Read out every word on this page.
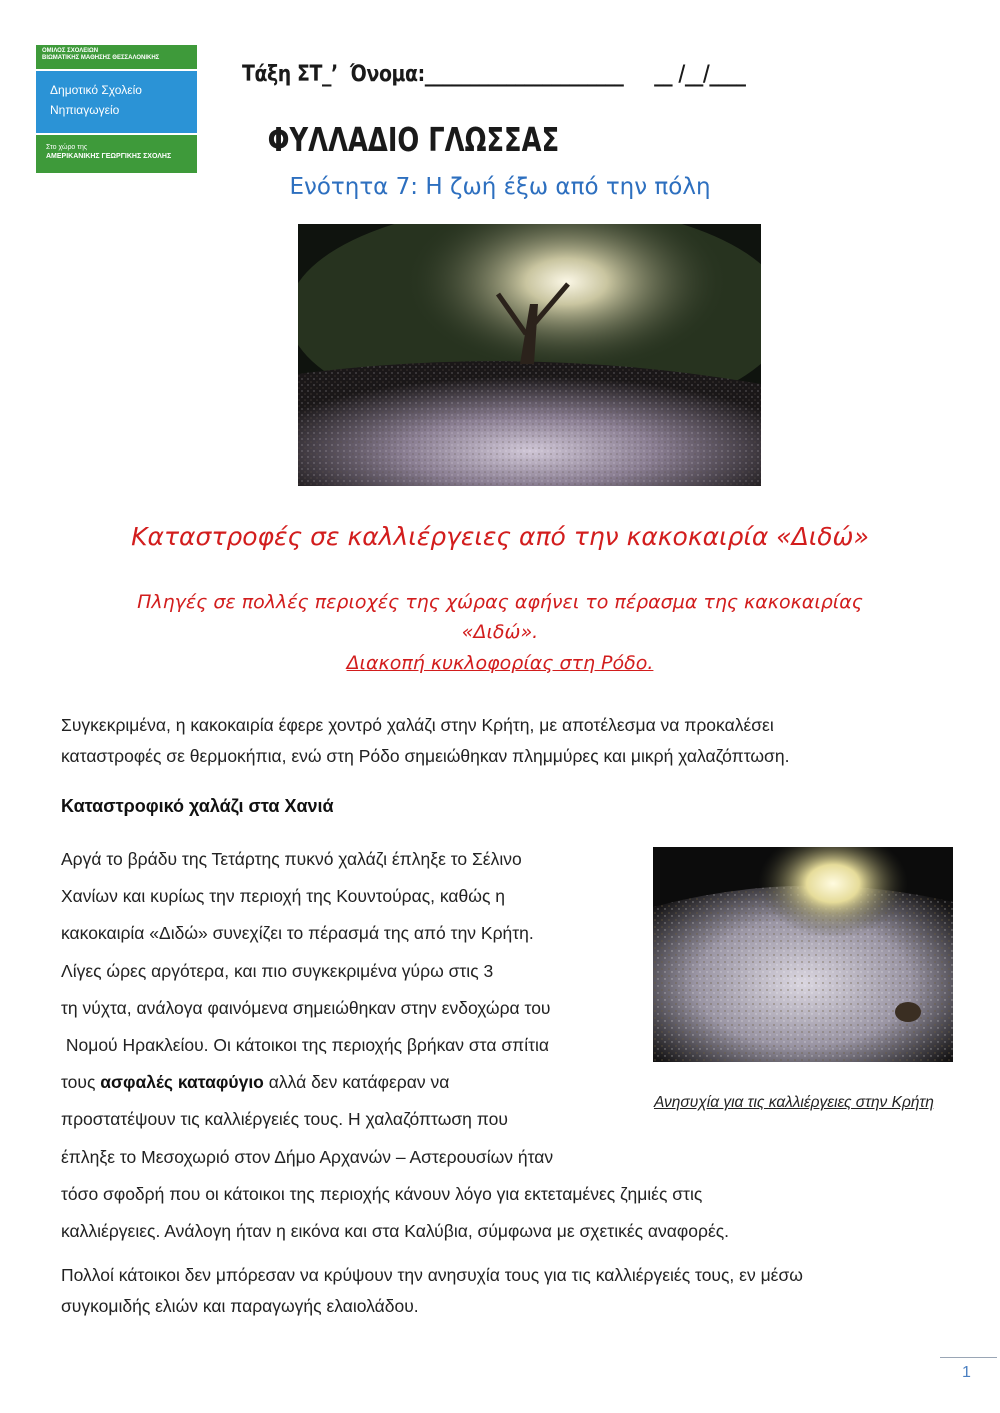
ΟΜΙΛΟΣ ΣΧΟΛΕΙΩΝ
ΒΙΩΜΑΤΙΚΗΣ ΜΑΘΗΣΗΣ ΘΕΣΣΑΛΟΝΙΚΗΣ
Δημοτικό Σχολείο
Νηπιαγωγείο
Στο χώρο της
ΑΜΕΡΙΚΑΝΙΚΗΣ ΓΕΩΡΓΙΚΗΣ ΣΧΟΛΗΣ
Τάξη ΣΤ_’  Όνομα:______________________     __ /__/____
ΦΥΛΛΑΔΙΟ ΓΛΩΣΣΑΣ
Ενότητα 7: Η ζωή έξω από την πόλη
Καταστροφές σε καλλιέργειες από την κακοκαιρία «Διδώ»
Πληγές σε πολλές περιοχές της χώρας αφήνει το πέρασμα της κακοκαιρίας
«Διδώ».
Διακοπή κυκλοφορίας στη Ρόδο.
Συγκεκριμένα, η κακοκαιρία έφερε χοντρό χαλάζι στην Κρήτη, με αποτέλεσμα να προκαλέσει
καταστροφές σε θερμοκήπια, ενώ στη Ρόδο σημειώθηκαν πλημμύρες και μικρή χαλαζόπτωση.
Καταστροφικό χαλάζι στα Χανιά
Αργά το βράδυ της Τετάρτης πυκνό χαλάζι έπληξε το Σέλινο
Χανίων και κυρίως την περιοχή της Κουντούρας, καθώς η
κακοκαιρία «Διδώ» συνεχίζει το πέρασμά της από την Κρήτη.
Λίγες ώρες αργότερα, και πιο συγκεκριμένα γύρω στις 3
τη νύχτα, ανάλογα φαινόμενα σημειώθηκαν στην ενδοχώρα του
Νομού Ηρακλείου. Οι κάτοικοι της περιοχής βρήκαν στα σπίτια
τους ασφαλές καταφύγιο αλλά δεν κατάφεραν να
προστατέψουν τις καλλιέργειές τους. Η χαλαζόπτωση που
έπληξε το Μεσοχωριό στον Δήμο Αρχανών – Αστερουσίων ήταν
τόσο σφοδρή που οι κάτοικοι της περιοχής κάνουν λόγο για εκτεταμένες ζημιές στις
καλλιέργειες. Ανάλογη ήταν η εικόνα και στα Καλύβια, σύμφωνα με σχετικές αναφορές.
Ανησυχία για τις καλλιέργειες στην Κρήτη
Πολλοί κάτοικοι δεν μπόρεσαν να κρύψουν την ανησυχία τους για τις καλλιέργειές τους, εν μέσω
συγκομιδής ελιών και παραγωγής ελαιολάδου.
1
